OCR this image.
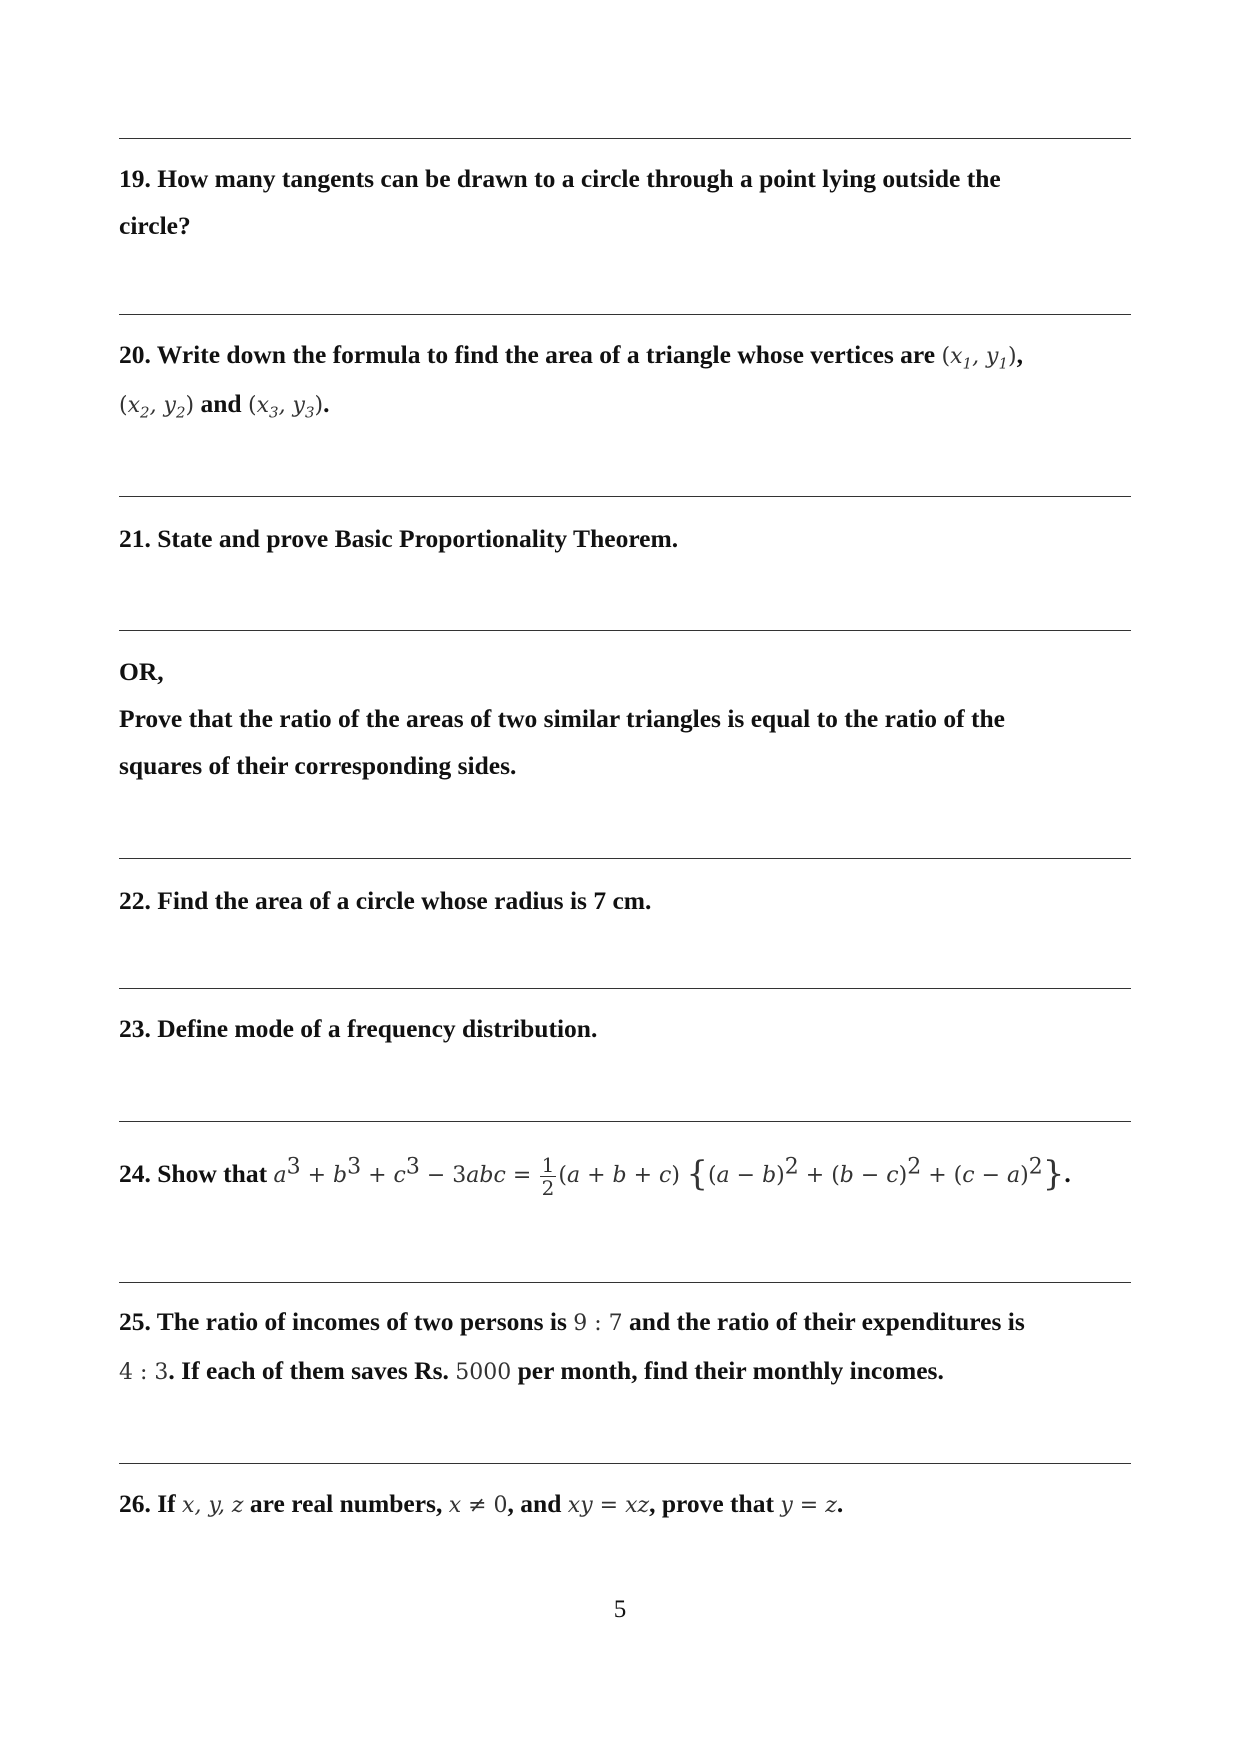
19. How many tangents can be drawn to a circle through a point lying outside the
circle?
20. Write down the formula to find the area of a triangle whose vertices are ($x_1$, $y_1$),
($x_2$, $y_2$) and ($x_3$, $y_3$).
21. State and prove Basic Proportionality Theorem.
OR,
Prove that the ratio of the areas of two similar triangles is equal to the ratio of the
squares of their corresponding sides.
22. Find the area of a circle whose radius is 7 cm.
23. Define mode of a frequency distribution.
24. Show that $a^3 + b^3 + c^3 - 3abc = \frac{1}{2} (a + b + c) \{(a - b)^2 + (b - c)^2 + (c - a)^2\}$.
25. The ratio of incomes of two persons is 9 : 7 and the ratio of their expenditures is
4 : 3. If each of them saves Rs. 5000 per month, find their monthly incomes.
26. If x, y, z are real numbers, x ≠ 0, and xy = xz, prove that y = z.
5
